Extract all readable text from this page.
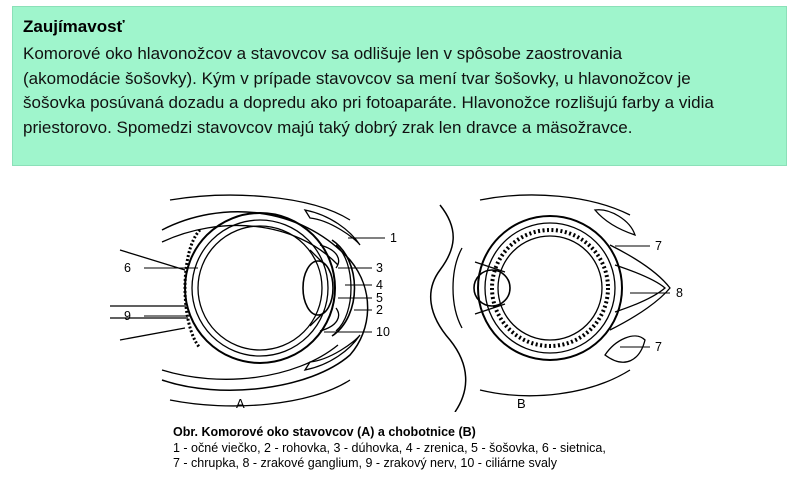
Zaujímavosť

Komorové oko hlavonožcov a stavovcov sa odlišuje len v spôsobe zaostrovania
(akomodácie šošovky). Kým v prípade stavovcov sa mení tvar šošovky, u hlavonožcov je
šošovka posúvaná dozadu a dopredu ako pri fotoaparáte. Hlavonožce rozlišujú farby a vidia
priestorovo. Spomedzi stavovcov majú taký dobrý zrak len dravce a mäsožravce.

1
3
4
5
2
10
6
9
7
8
7
A	B
Obr. Komorové oko stavovcov (A) a chobotnice (B)
1 - očné viečko, 2 - rohovka, 3 - dúhovka, 4 - zrenica, 5 - šošovka, 6 - sietnica,
7 - chrupka, 8 - zrakové ganglium, 9 - zrakový nerv, 10 - ciliárne svaly
